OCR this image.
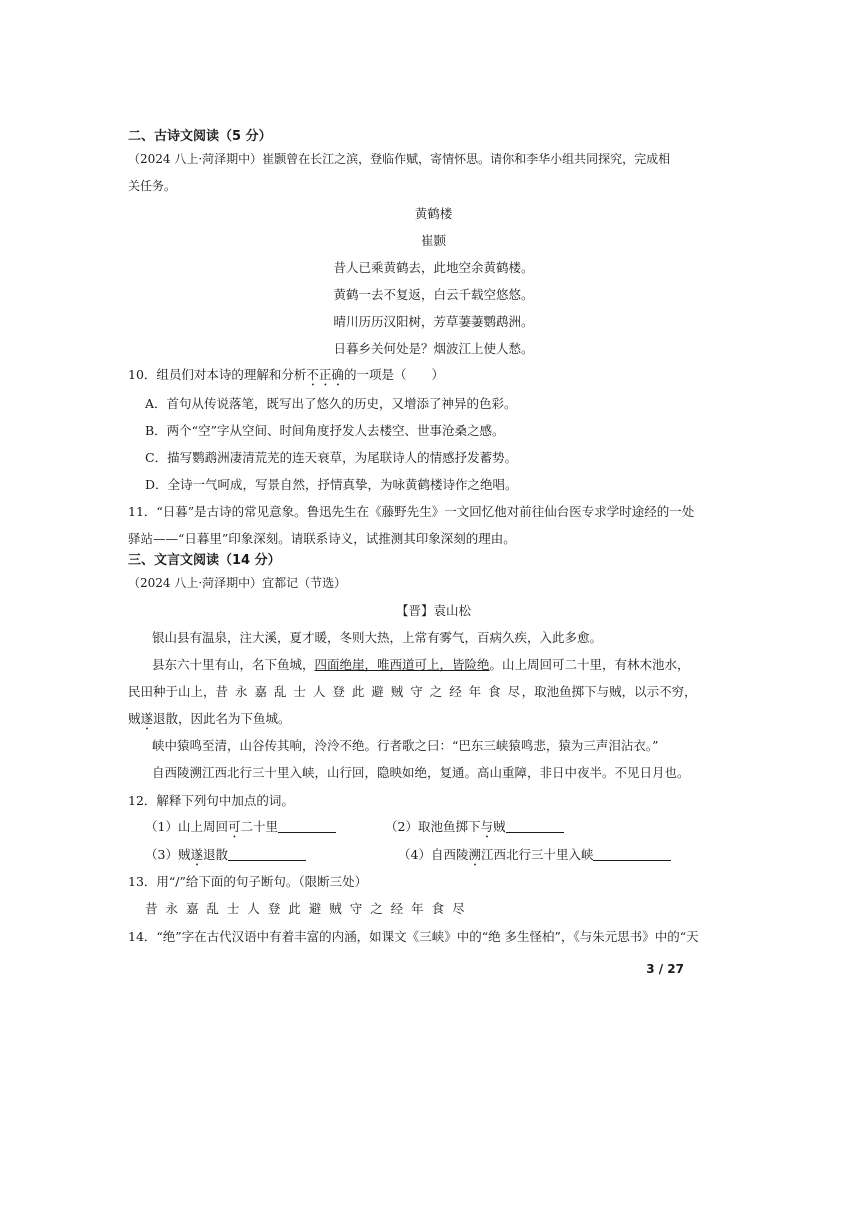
二、古诗文阅读（5 分）
（2024 八上·菏泽期中）崔颢曾在长江之滨，登临作赋，寄情怀思。请你和李华小组共同探究，完成相
关任务。
黄鹤楼
崔颢
昔人已乘黄鹤去，此地空余黄鹤楼。
黄鹤一去不复返，白云千载空悠悠。
晴川历历汉阳树，芳草萋萋鹦鹉洲。
日暮乡关何处是？烟波江上使人愁。
10．组员们对本诗的理解和分析不正确的一项是（　　）
A．首句从传说落笔，既写出了悠久的历史，又增添了神异的色彩。
B．两个“空”字从空间、时间角度抒发人去楼空、世事沧桑之感。
C．描写鹦鹉洲凄清荒芜的连天衰草，为尾联诗人的情感抒发蓄势。
D．全诗一气呵成，写景自然，抒情真挚，为咏黄鹤楼诗作之绝唱。
11．“日暮”是古诗的常见意象。鲁迅先生在《藤野先生》一文回忆他对前往仙台医专求学时途经的一处
驿站——“日暮里”印象深刻。请联系诗义，试推测其印象深刻的理由。
三、文言文阅读（14 分）
（2024 八上·菏泽期中）宜都记（节选）
【晋】袁山松
银山县有温泉，注大溪，夏才暖，冬则大热，上常有雾气，百病久疾，入此多愈。
县东六十里有山，名下鱼城，四面绝崖，唯西道可上，皆险绝。山上周回可二十里，有林木池水，
民田种于山上，昔 永 嘉 乱 士 人 登 此 避 贼 守 之 经 年 食 尽，取池鱼掷下与贼，以示不穷，
贼遂退散，因此名为下鱼城。
峡中猿鸣至清，山谷传其响，泠泠不绝。行者歌之曰：“巴东三峡猿鸣悲，猿为三声泪沾衣。”
自西陵溯江西北行三十里入峡，山行回，隐映如绝，复通。高山重障，非日中夜半。不见日月也。
12．解释下列句中加点的词。
（1）山上周回可二十里	（2）取池鱼掷下与贼
（3）贼遂退散	（4）自西陵溯江西北行三十里入峡
13．用“/”给下面的句子断句。（限断三处）
昔 永 嘉 乱 士 人 登 此 避 贼 守 之 经 年 食 尽
14．“绝”字在古代汉语中有着丰富的内涵，如课文《三峡》中的“绝 多生怪柏”，《与朱元思书》中的“天
3 / 27
